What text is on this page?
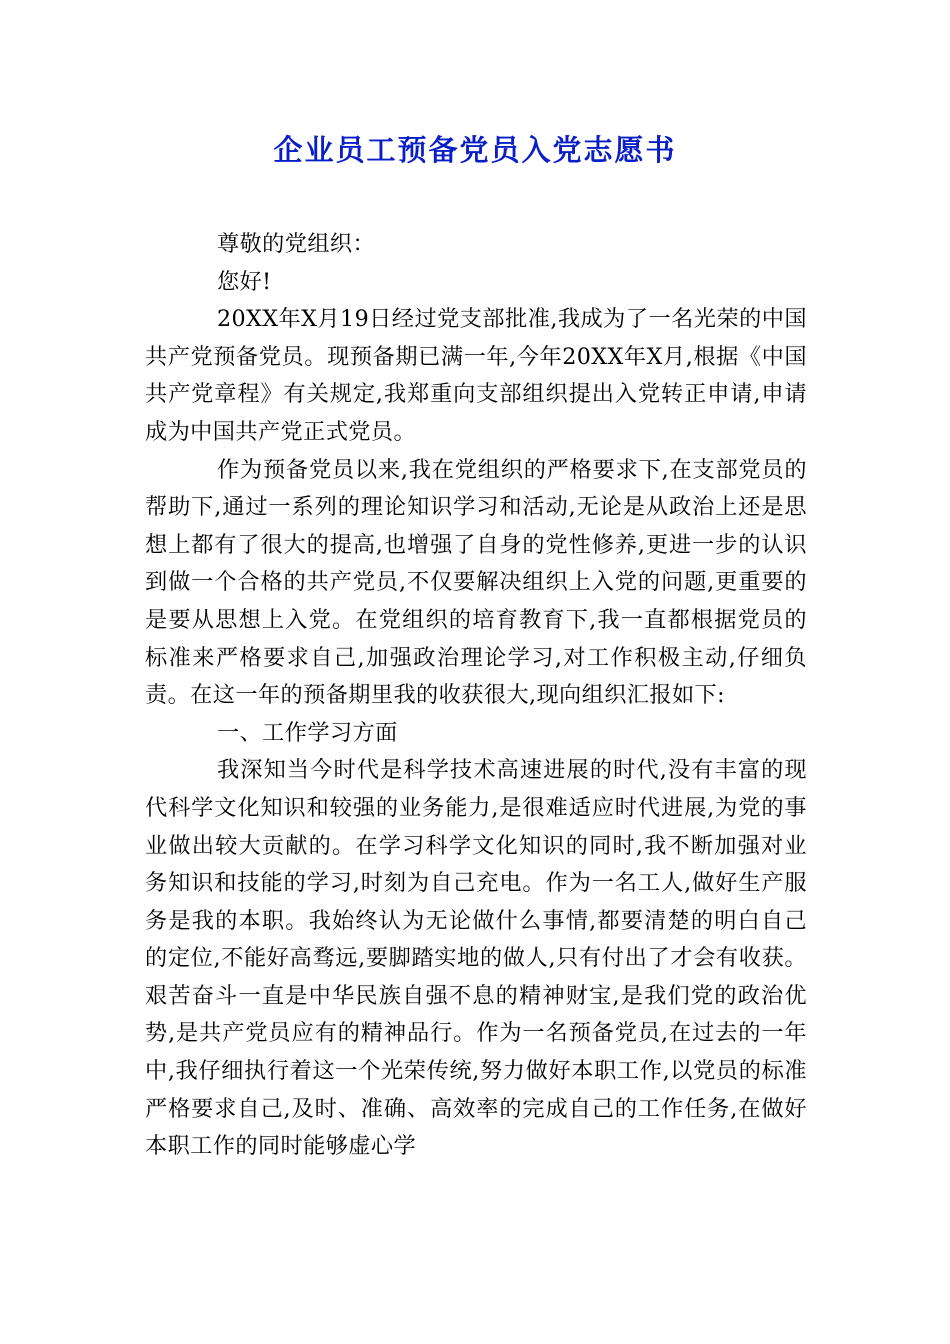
企业员工预备党员入党志愿书

尊敬的党组织：

您好!

20XX年X月19日经过党支部批准,我成为了一名光荣的中国共产党预备党员。现预备期已满一年,今年20XX年X月,根据《中国共产党章程》有关规定,我郑重向支部组织提出入党转正申请,申请成为中国共产党正式党员。

作为预备党员以来,我在党组织的严格要求下,在支部党员的帮助下,通过一系列的理论知识学习和活动,无论是从政治上还是思想上都有了很大的提高,也增强了自身的党性修养,更进一步的认识到做一个合格的共产党员,不仅要解决组织上入党的问题,更重要的是要从思想上入党。在党组织的培育教育下,我一直都根据党员的标准来严格要求自己,加强政治理论学习,对工作积极主动,仔细负责。在这一年的预备期里我的收获很大,现向组织汇报如下:

一、工作学习方面

我深知当今时代是科学技术高速进展的时代,没有丰富的现代科学文化知识和较强的业务能力,是很难适应时代进展,为党的事业做出较大贡献的。在学习科学文化知识的同时,我不断加强对业务知识和技能的学习,时刻为自己充电。作为一名工人,做好生产服务是我的本职。我始终认为无论做什么事情,都要清楚的明白自己的定位,不能好高骛远,要脚踏实地的做人,只有付出了才会有收获。艰苦奋斗一直是中华民族自强不息的精神财宝,是我们党的政治优势,是共产党员应有的精神品行。作为一名预备党员,在过去的一年中,我仔细执行着这一个光荣传统,努力做好本职工作,以党员的标准严格要求自己,及时、准确、高效率的完成自己的工作任务,在做好本职工作的同时能够虚心学
